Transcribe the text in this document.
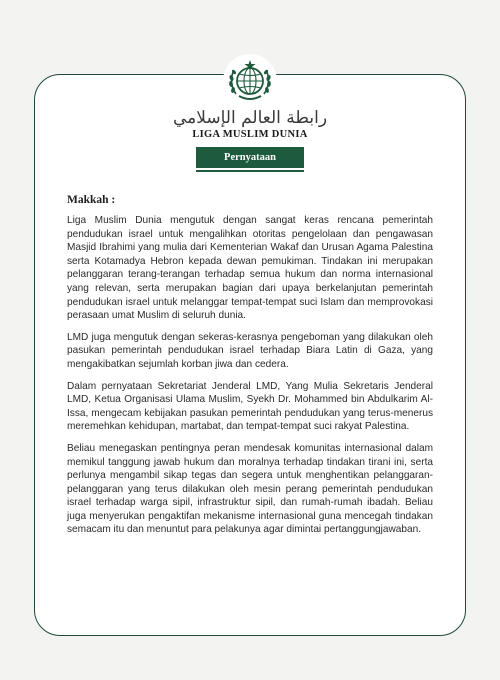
رابطة العالم الإسلامي
LIGA MUSLIM DUNIA
Pernyataan
Makkah :

Liga Muslim Dunia mengutuk dengan sangat keras rencana pemerintah pendudukan israel untuk mengalihkan otoritas pengelolaan dan pengawasan Masjid Ibrahimi yang mulia dari Kementerian Wakaf dan Urusan Agama Palestina serta Kotamadya Hebron kepada dewan pemukiman. Tindakan ini merupakan pelanggaran terang-terangan terhadap semua hukum dan norma internasional yang relevan, serta merupakan bagian dari upaya berkelanjutan pemerintah pendudukan israel untuk melanggar tempat-tempat suci Islam dan memprovokasi perasaan umat Muslim di seluruh dunia.

LMD juga mengutuk dengan sekeras-kerasnya pengeboman yang dilakukan oleh pasukan pemerintah pendudukan israel terhadap Biara Latin di Gaza, yang mengakibatkan sejumlah korban jiwa dan cedera.

Dalam pernyataan Sekretariat Jenderal LMD, Yang Mulia Sekretaris Jenderal LMD, Ketua Organisasi Ulama Muslim, Syekh Dr. Mohammed bin Abdulkarim Al-Issa, mengecam kebijakan pasukan pemerintah pendudukan yang terus-menerus meremehkan kehidupan, martabat, dan tempat-tempat suci rakyat Palestina.

Beliau menegaskan pentingnya peran mendesak komunitas internasional dalam memikul tanggung jawab hukum dan moralnya terhadap tindakan tirani ini, serta perlunya mengambil sikap tegas dan segera untuk menghentikan pelanggaran-pelanggaran yang terus dilakukan oleh mesin perang pemerintah pendudukan israel terhadap warga sipil, infrastruktur sipil, dan rumah-rumah ibadah. Beliau juga menyerukan pengaktifan mekanisme internasional guna mencegah tindakan semacam itu dan menuntut para pelakunya agar dimintai pertanggungjawaban.
